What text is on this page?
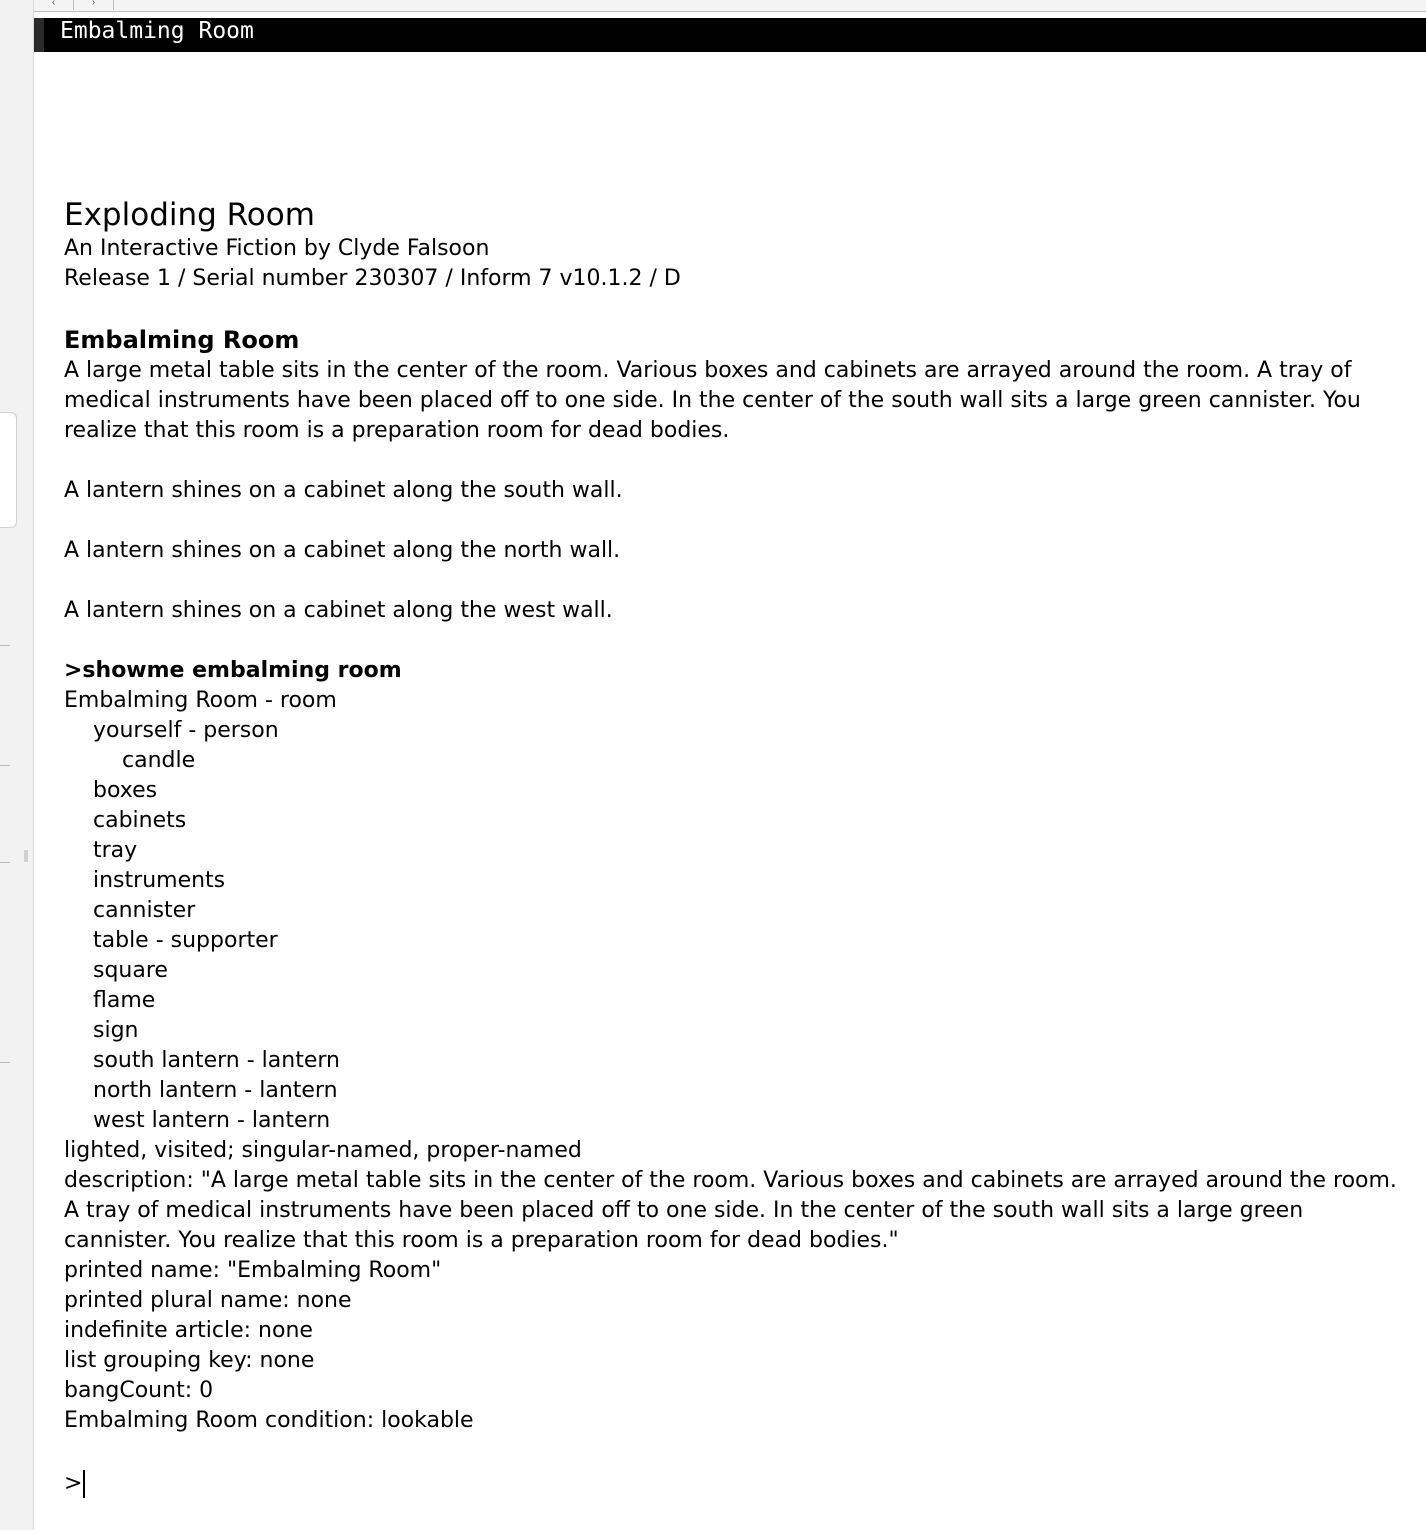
‹	›
Embalming Room

Exploding Room

An Interactive Fiction by Clyde Falsoon

Release 1 / Serial number 230307 / Inform 7 v10.1.2 / D

Embalming Room

A large metal table sits in the center of the room. Various boxes and cabinets are arrayed around the room. A tray of medical instruments have been placed off to one side. In the center of the south wall sits a large green cannister. You realize that this room is a preparation room for dead bodies.

A lantern shines on a cabinet along the south wall.

A lantern shines on a cabinet along the north wall.

A lantern shines on a cabinet along the west wall.

>showme embalming room

Embalming Room - room

yourself - person

candle

boxes

cabinets

tray

instruments

cannister

table - supporter

square

flame

sign

south lantern - lantern

north lantern - lantern

west lantern - lantern

lighted, visited; singular-named, proper-named

description: "A large metal table sits in the center of the room. Various boxes and cabinets are arrayed around the room. A tray of medical instruments have been placed off to one side. In the center of the south wall sits a large green cannister. You realize that this room is a preparation room for dead bodies."

printed name: "Embalming Room"

printed plural name: none

indefinite article: none

list grouping key: none

bangCount: 0

Embalming Room condition: lookable

>
